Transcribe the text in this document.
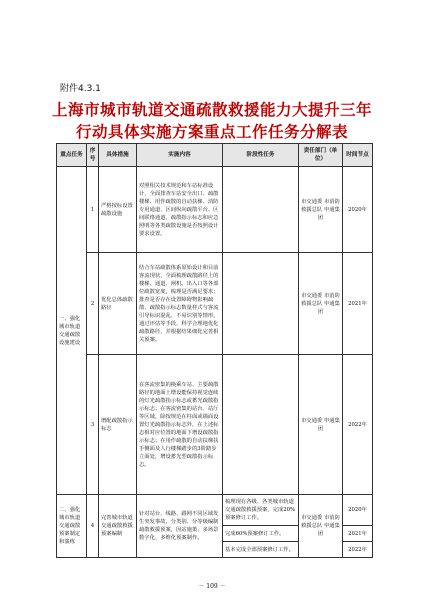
附件4.3.1
上海市城市轨道交通疏散救援能力大提升三年
行动具体实施方案重点工作任务分解表
重点任务	序号	具体措施	实施内容	阶段性任务	责任部门（单位）	时间节点
一、强化城市轨道交通疏散设施建设	1	严格按标设置疏散设施	对照相关技术规范和车站标准设计，全面排查车站安全出口、疏散楼梯、用作疏散的自动扶梯、消防专用通道、区间纵向疏散平台、区间联络通道、疏散指示标志和应急照明等各类疏散设施是否按照设计要求设置。		市交通委 市消防救援总队 申通集团	2020年
	2	优化总体疏散路径	结合车站疏散体系原始设计和目前客流现状，全面梳理疏散路径上的楼梯、通道、闸机、出入口等各部位疏散宽度，梳理是否满足要求；排查是否存在设置障碍物影响疏散、疏散指示标志数量样式与客流引导标识混乱、不易识别等情形，通过评估等手段，科学合理地优化疏散路径，并根据结果细化完善相关预案。		市交通委 市消防救援总队 申通集团	2021年
	3	增配疏散指示标志	在客流密集的换乘车站、主要疏散路径的地面上增设能保持视觉连续的灯光疏散指示标志或蓄光疏散指示标志；在客流密集的站台、站厅等区域，除按规范在柱面或墙面设置灯光疏散指示标志外，在上述标志相对应位置的地面下增设疏散指示标志；在用作疏散的自动扶梯扶手侧面及人行楼梯踏步的3阶踏步立面处，增设蓄光型疏散指示标志。		市交通委 申通集团	2022年
二、强化城市轨道交通疏散预案制定和演练	4	完善城市轨道交通疏散救援预案编制	针对站台、线路、路网不同区域发生突发事故，分类别、分等级编制疏散救援预案，因站施策、多场景数字化、多维化预案制作。	梳理现有各级、各类城市轨道交通疏散救援预案，完成20%预案修订工作。	市交通委 市消防救援总队 申通集团	2020年
				完成60%预案修订工作。		2021年
				基本完成全部预案修订工作。		2022年
－ 109 －
